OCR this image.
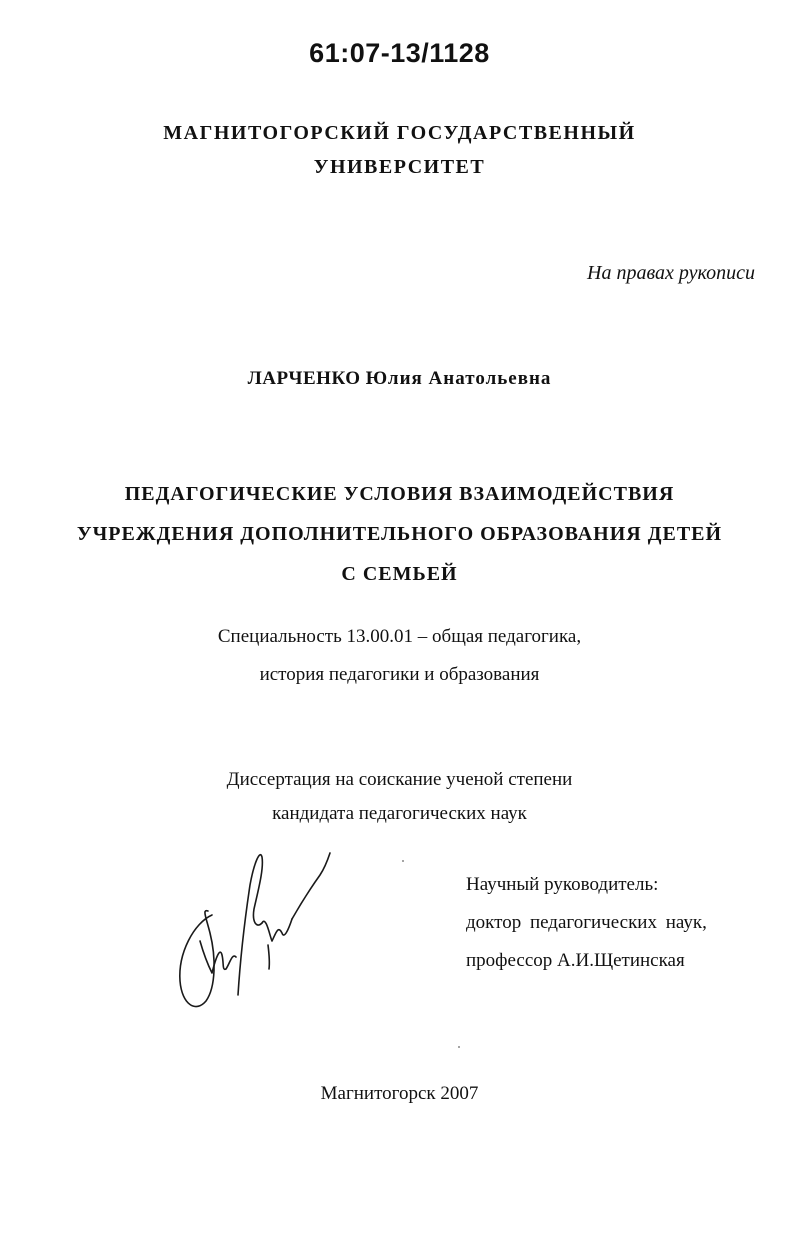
61:07-13/1128
МАГНИТОГОРСКИЙ ГОСУДАРСТВЕННЫЙ
УНИВЕРСИТЕТ
На правах рукописи
ЛАРЧЕНКО Юлия Анатольевна
ПЕДАГОГИЧЕСКИЕ УСЛОВИЯ ВЗАИМОДЕЙСТВИЯ
УЧРЕЖДЕНИЯ ДОПОЛНИТЕЛЬНОГО ОБРАЗОВАНИЯ ДЕТЕЙ
С СЕМЬЕЙ
Специальность 13.00.01 – общая педагогика,
история педагогики и образования
Диссертация на соискание ученой степени
кандидата педагогических наук
Научный руководитель:
доктор педагогических наук,
профессор А.И.Щетинская
Магнитогорск 2007
